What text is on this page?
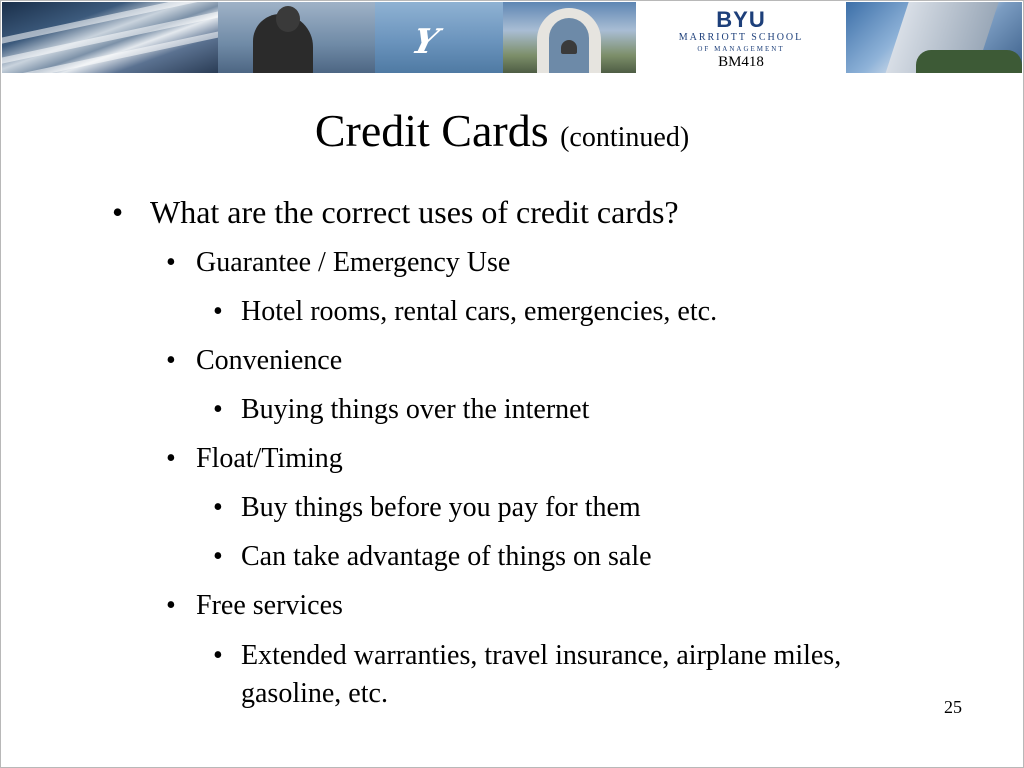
Y
BYU
MARRIOTT SCHOOL
OF MANAGEMENT
BM418
Credit Cards (continued)
• What are the correct uses of credit cards?
• Guarantee / Emergency Use
• Hotel rooms, rental cars, emergencies, etc.
• Convenience
• Buying things over the internet
• Float/Timing
• Buy things before you pay for them
• Can take advantage of things on sale
• Free services
• Extended warranties, travel insurance, airplane miles, gasoline, etc.	25
